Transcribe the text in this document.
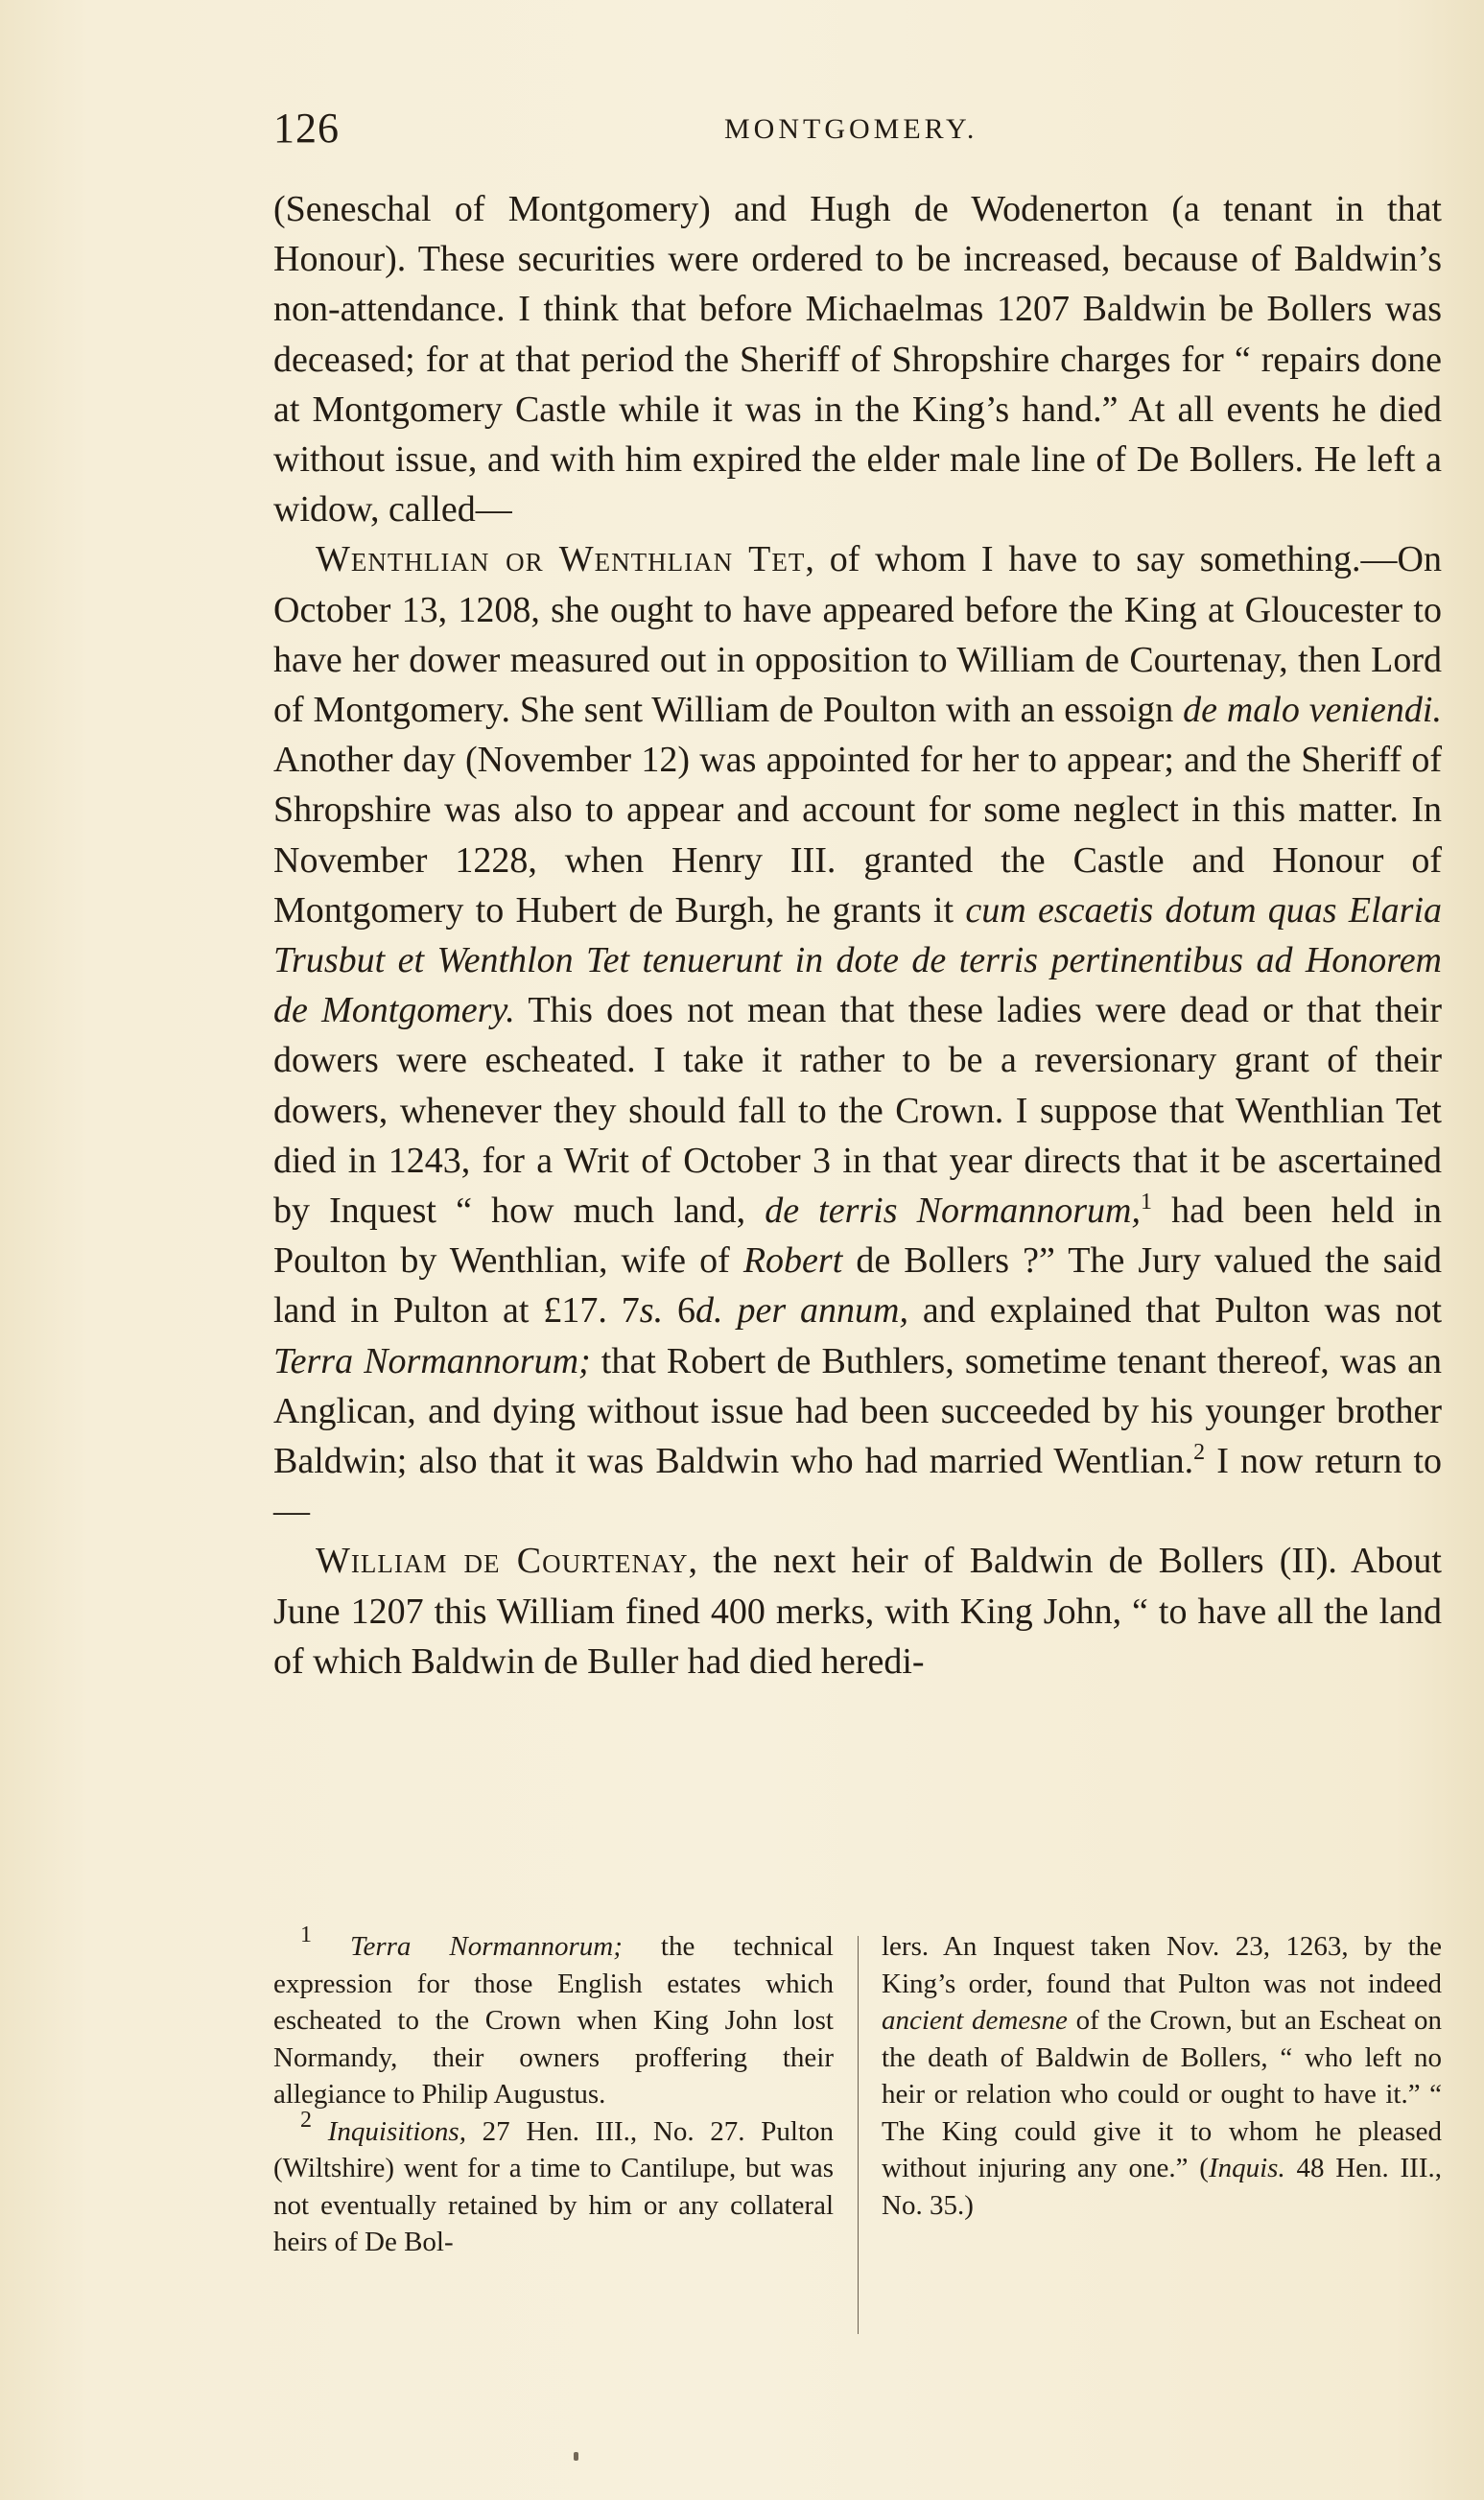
126	MONTGOMERY.

(Seneschal of Montgomery) and Hugh de Wodenerton (a tenant in that Honour). These securities were ordered to be increased, because of Baldwin’s non-attendance. I think that before Michaelmas 1207 Baldwin be Bollers was deceased; for at that period the Sheriff of Shropshire charges for “ repairs done at Montgomery Castle while it was in the King’s hand.” At all events he died without issue, and with him expired the elder male line of De Bollers. He left a widow, called—

Wenthlian or Wenthlian Tet, of whom I have to say something.—On October 13, 1208, she ought to have appeared before the King at Gloucester to have her dower measured out in opposition to William de Courtenay, then Lord of Montgomery. She sent William de Poulton with an essoign de malo veniendi. Another day (November 12) was appointed for her to appear; and the Sheriff of Shropshire was also to appear and account for some neglect in this matter. In November 1228, when Henry III. granted the Castle and Honour of Montgomery to Hubert de Burgh, he grants it cum escaetis dotum quas Elaria Trusbut et Wenthlon Tet tenuerunt in dote de terris pertinentibus ad Honorem de Montgomery. This does not mean that these ladies were dead or that their dowers were escheated. I take it rather to be a reversionary grant of their dowers, whenever they should fall to the Crown. I suppose that Wenthlian Tet died in 1243, for a Writ of October 3 in that year directs that it be ascertained by Inquest “ how much land, de terris Normannorum,$^1$ had been held in Poulton by Wenthlian, wife of Robert de Bollers ?” The Jury valued the said land in Pulton at £17. 7s. 6d. per annum, and explained that Pulton was not Terra Normannorum; that Robert de Buthlers, sometime tenant thereof, was an Anglican, and dying without issue had been succeeded by his younger brother Baldwin; also that it was Baldwin who had married Wentlian.$^2$ I now return to—

William de Courtenay, the next heir of Baldwin de Bollers (II). About June 1207 this William fined 400 merks, with King John, “ to have all the land of which Baldwin de Buller had died heredi-

$^1$ Terra Normannorum; the technical expression for those English estates which escheated to the Crown when King John lost Normandy, their owners proffering their allegiance to Philip Augustus.

$^2$ Inquisitions, 27 Hen. III., No. 27. Pulton (Wiltshire) went for a time to Cantilupe, but was not eventually retained by him or any collateral heirs of De Bol-

lers. An Inquest taken Nov. 23, 1263, by the King’s order, found that Pulton was not indeed ancient demesne of the Crown, but an Escheat on the death of Baldwin de Bollers, “ who left no heir or relation who could or ought to have it.” “ The King could give it to whom he pleased without injuring any one.” (Inquis. 48 Hen. III., No. 35.)
